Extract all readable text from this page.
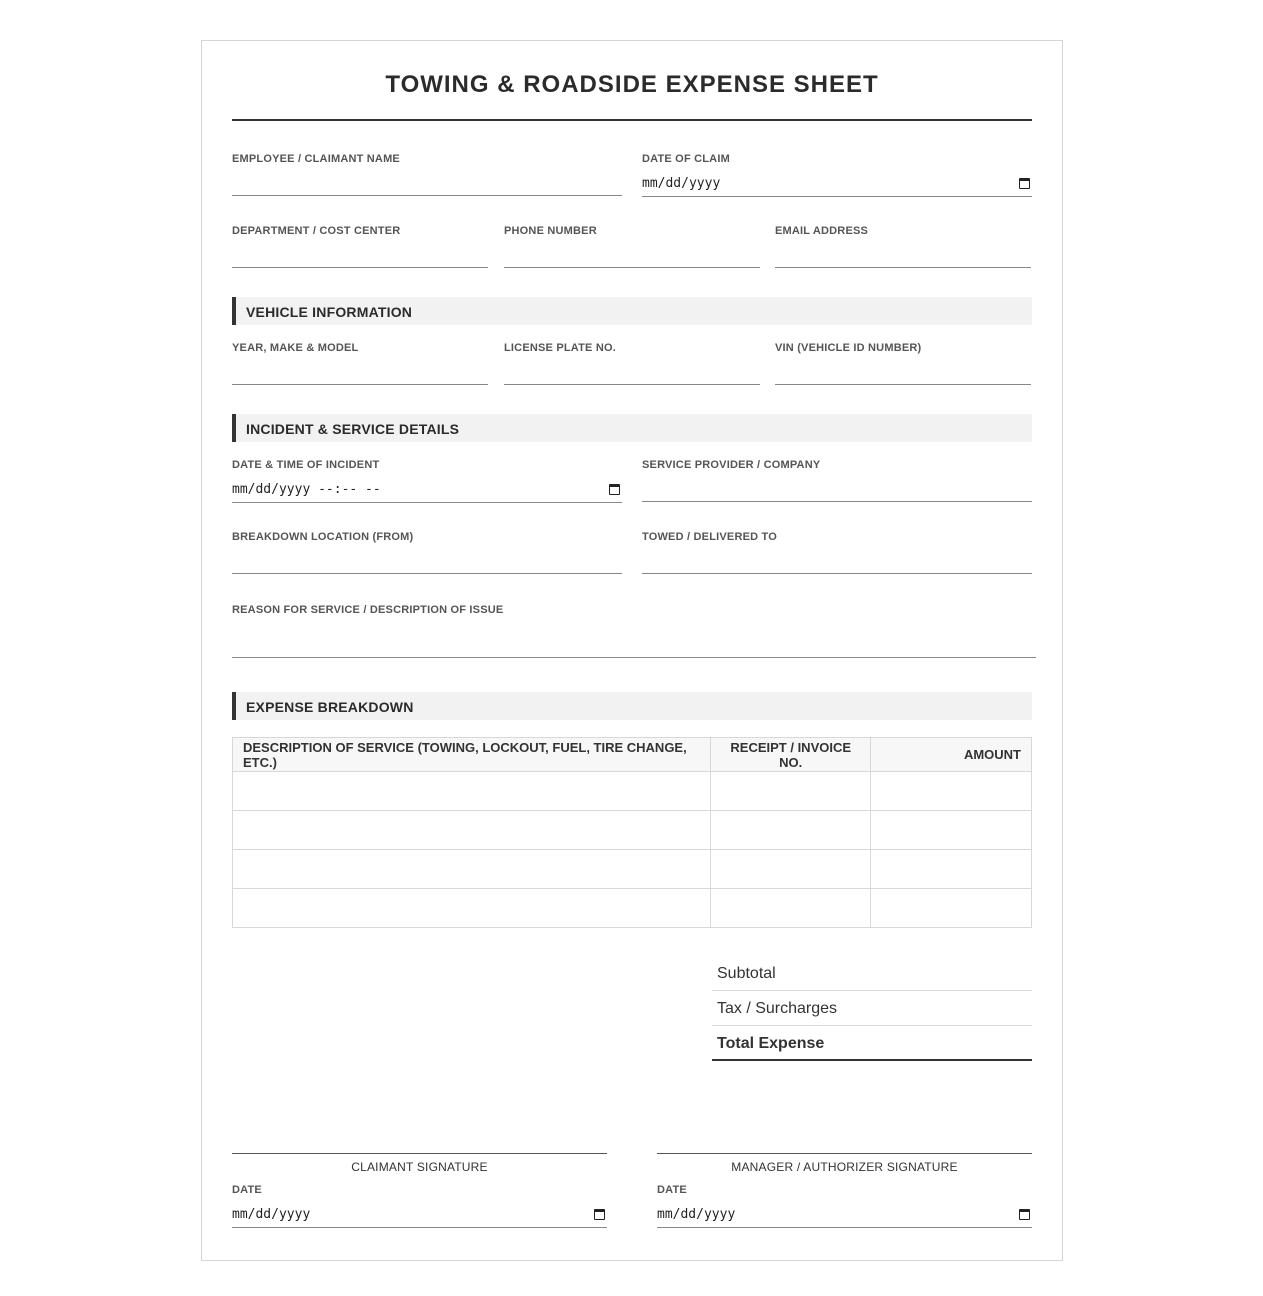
TOWING & ROADSIDE EXPENSE SHEET
EMPLOYEE / CLAIMANT NAME	DATE OF CLAIM
mm/dd/yyyy
DEPARTMENT / COST CENTER	PHONE NUMBER	EMAIL ADDRESS
VEHICLE INFORMATION
YEAR, MAKE & MODEL	LICENSE PLATE NO.	VIN (VEHICLE ID NUMBER)
INCIDENT & SERVICE DETAILS
DATE & TIME OF INCIDENT
mm/dd/yyyy --:-- --
SERVICE PROVIDER / COMPANY
BREAKDOWN LOCATION (FROM)	TOWED / DELIVERED TO
REASON FOR SERVICE / DESCRIPTION OF ISSUE
EXPENSE BREAKDOWN
DESCRIPTION OF SERVICE (TOWING, LOCKOUT, FUEL, TIRE CHANGE, ETC.)	RECEIPT / INVOICE NO.	AMOUNT

Subtotal
Tax / Surcharges
Total Expense
CLAIMANT SIGNATURE
DATE
mm/dd/yyyy
MANAGER / AUTHORIZER SIGNATURE
DATE
mm/dd/yyyy
